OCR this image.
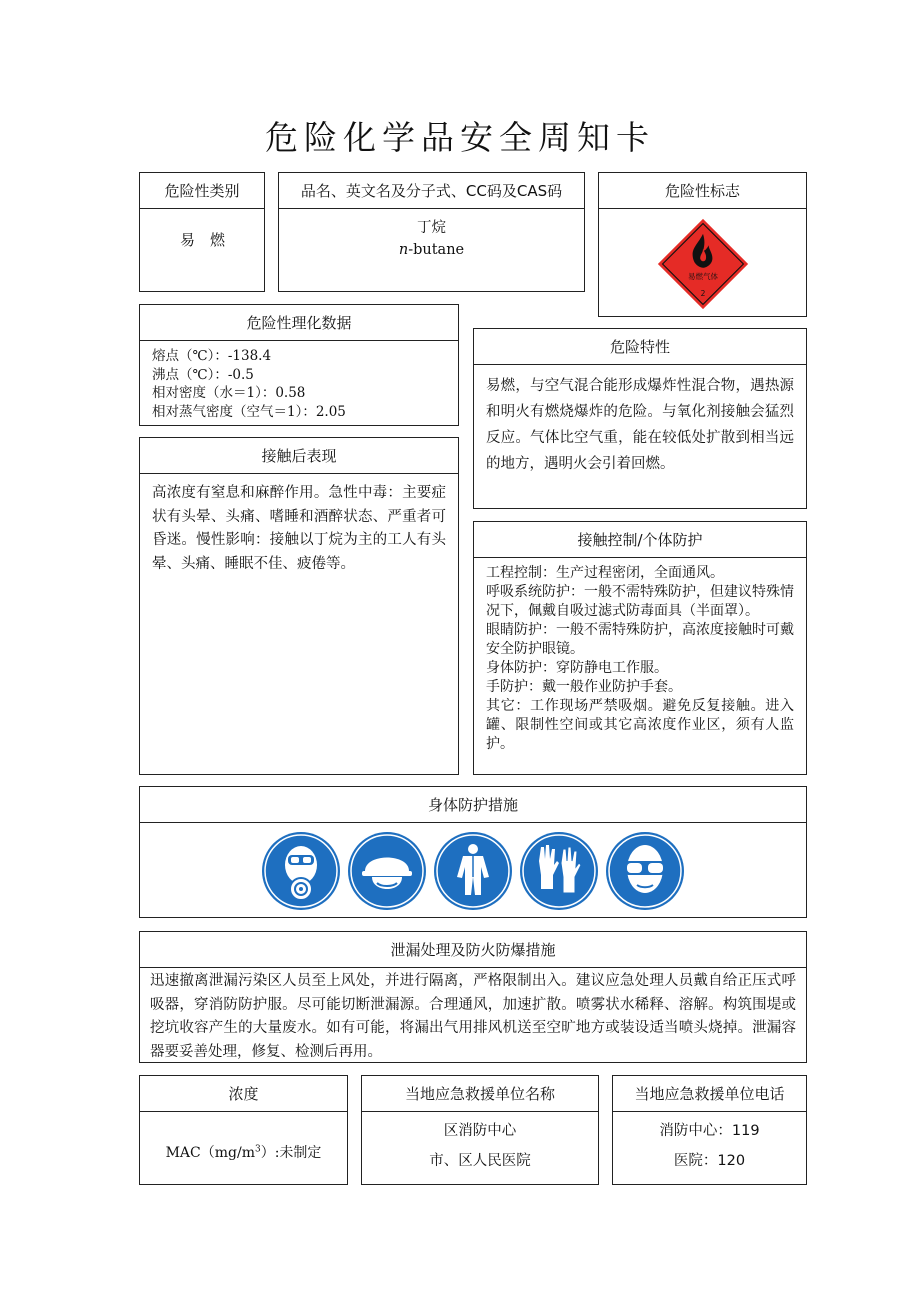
危险化学品安全周知卡
危险性类别
易　燃
品名、英文名及分子式、CC码及CAS码
丁烷
n-butane
危险性标志
易燃气体
2
危险性理化数据
熔点（℃）：-138.4
沸点（℃）：-0.5
相对密度（水＝1）：0.58
相对蒸气密度（空气＝1）：2.05
危险特性
易燃，与空气混合能形成爆炸性混合物，遇热源和明火有燃烧爆炸的危险。与氧化剂接触会猛烈反应。气体比空气重，能在较低处扩散到相当远的地方，遇明火会引着回燃。
接触后表现
高浓度有窒息和麻醉作用。急性中毒：主要症状有头晕、头痛、嗜睡和酒醉状态、严重者可昏迷。慢性影响：接触以丁烷为主的工人有头晕、头痛、睡眠不佳、疲倦等。
接触控制/个体防护
工程控制：生产过程密闭，全面通风。
呼吸系统防护：一般不需特殊防护，但建议特殊情况下，佩戴自吸过滤式防毒面具（半面罩）。
眼睛防护：一般不需特殊防护，高浓度接触时可戴安全防护眼镜。
身体防护：穿防静电工作服。
手防护：戴一般作业防护手套。
其它：工作现场严禁吸烟。避免反复接触。进入罐、限制性空间或其它高浓度作业区，须有人监护。
身体防护措施
泄漏处理及防火防爆措施
迅速撤离泄漏污染区人员至上风处，并进行隔离，严格限制出入。建议应急处理人员戴自给正压式呼吸器，穿消防防护服。尽可能切断泄漏源。合理通风，加速扩散。喷雾状水稀释、溶解。构筑围堤或挖坑收容产生的大量废水。如有可能，将漏出气用排风机送至空旷地方或装设适当喷头烧掉。泄漏容器要妥善处理，修复、检测后再用。
浓度
$MAC(mg/m^3)$:未制定
当地应急救援单位名称
区消防中心
市、区人民医院
当地应急救援单位电话
消防中心：119
医院：120
